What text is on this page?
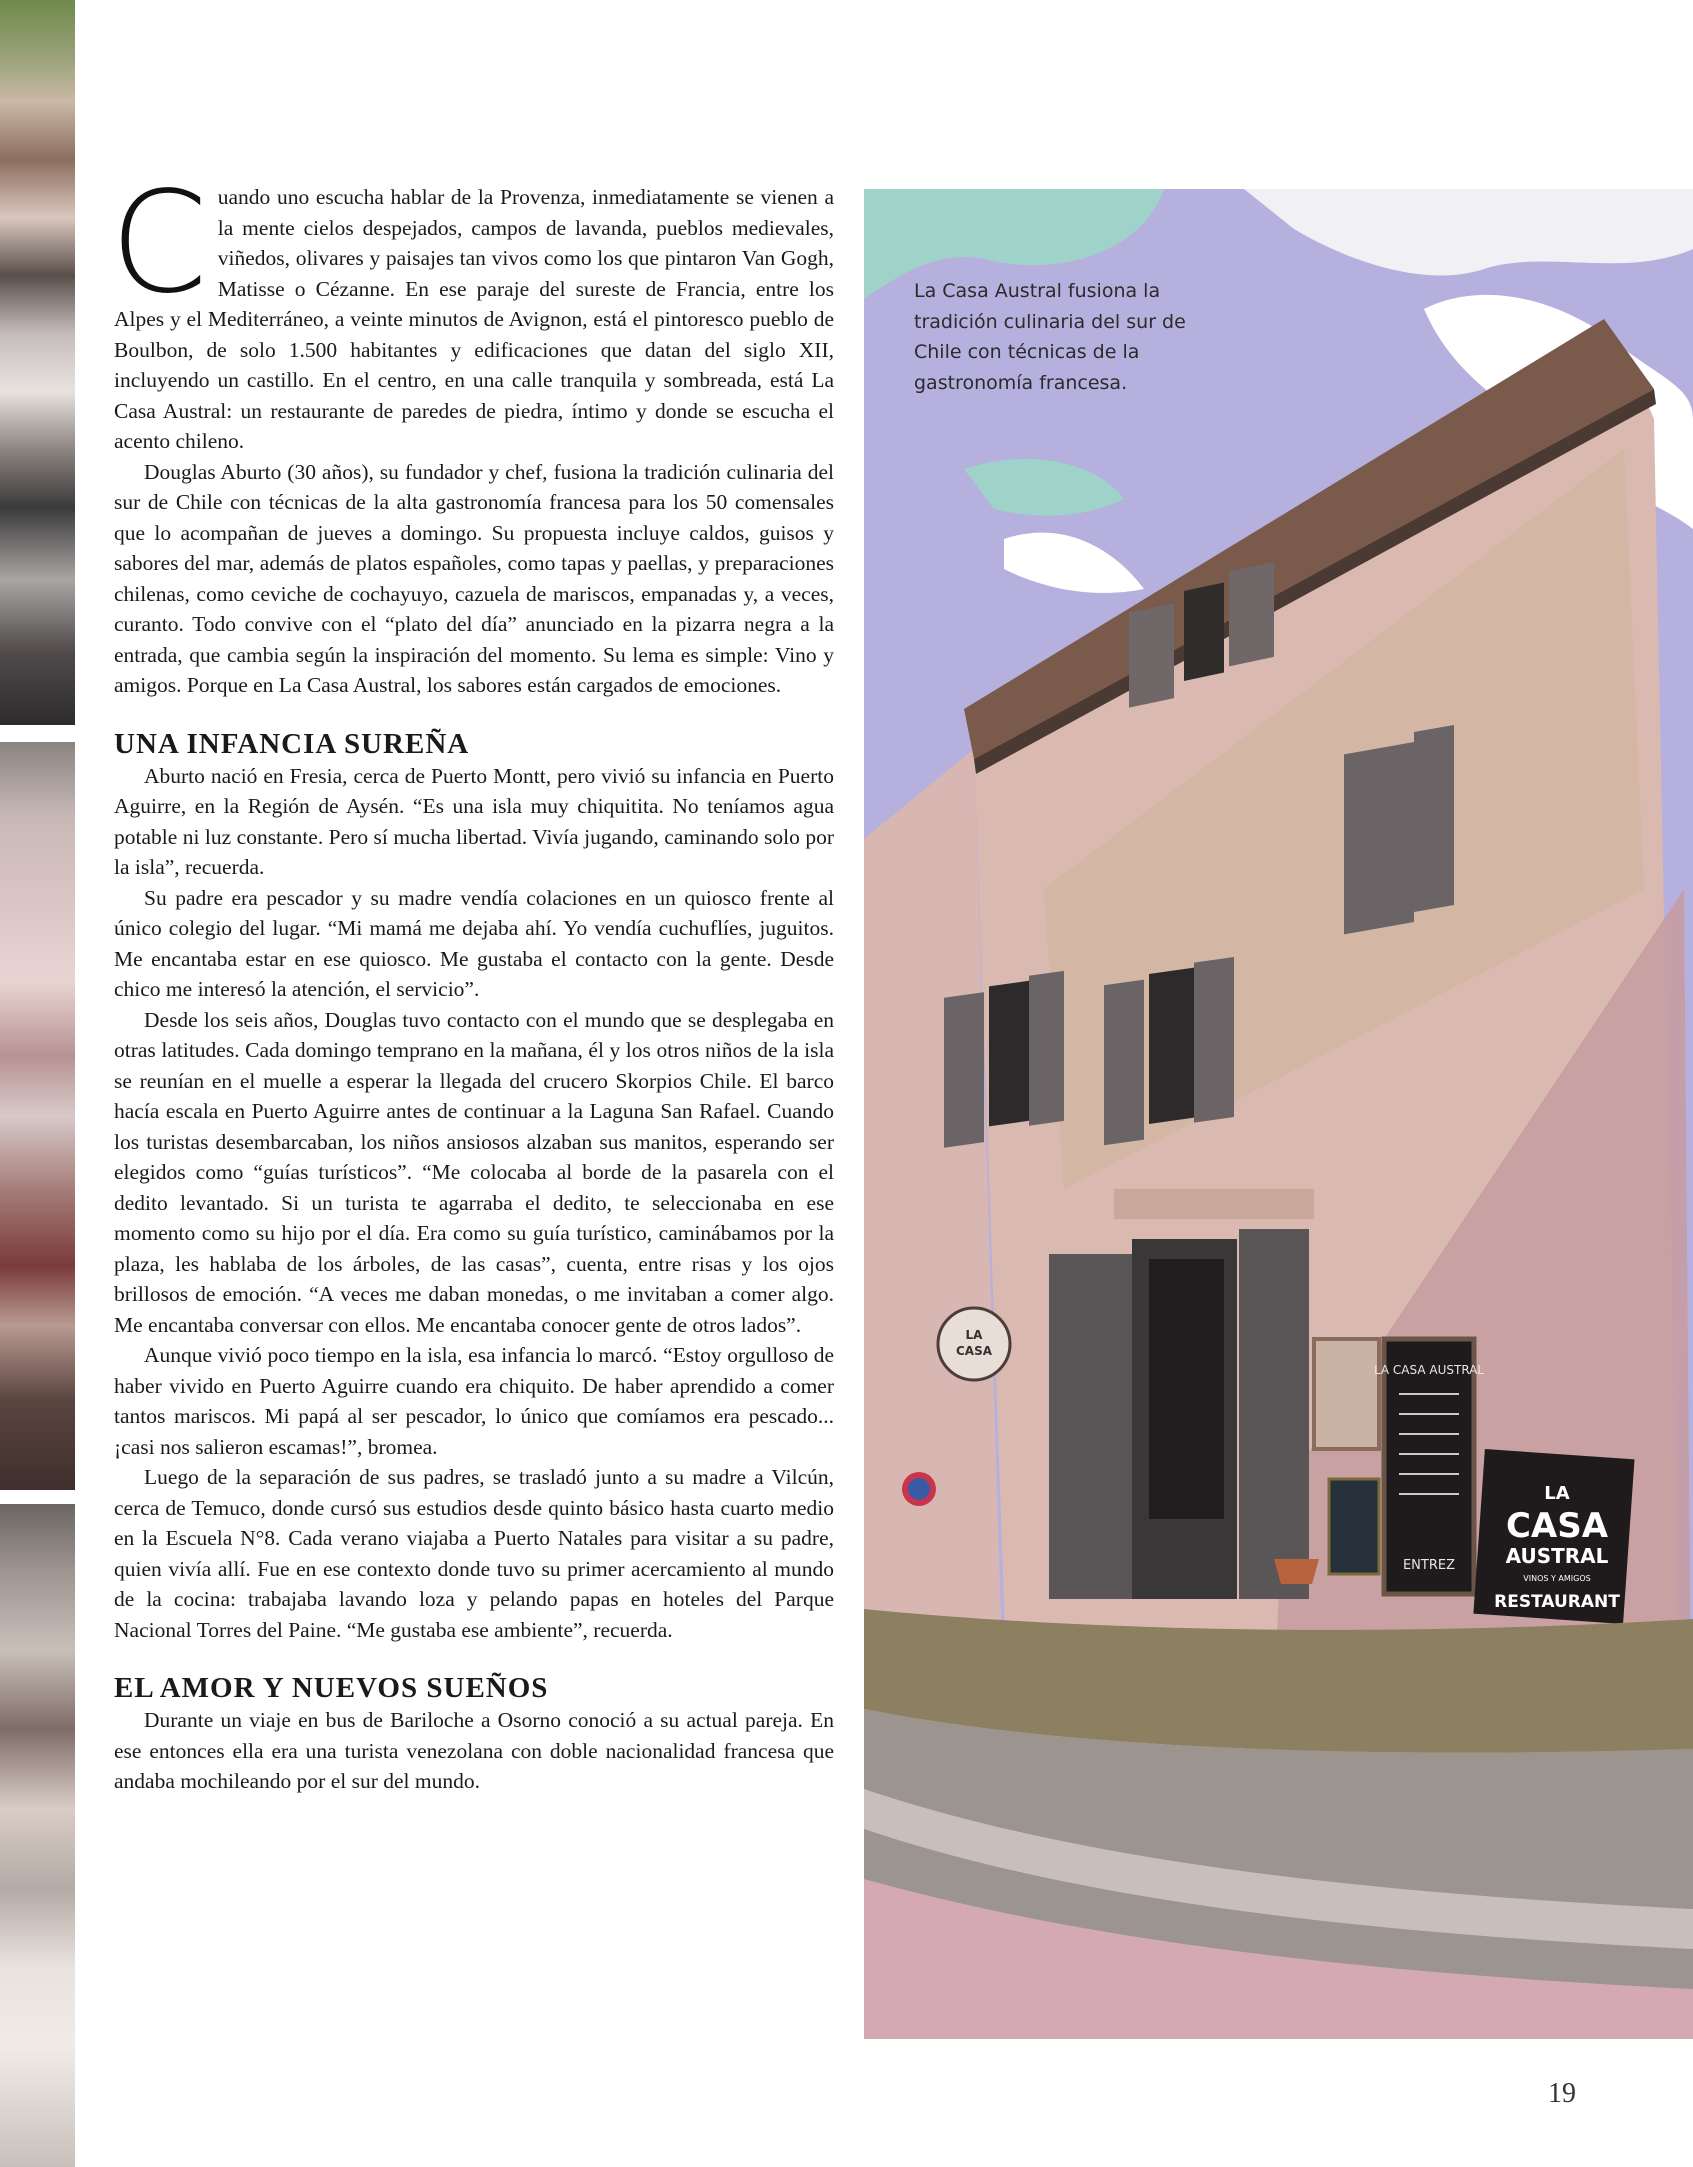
Cuando uno escucha hablar de la Provenza, inmediatamente se vienen a la mente cielos despejados, campos de lavanda, pueblos medievales, viñedos, olivares y paisajes tan vivos como los que pintaron Van Gogh, Matisse o Cézanne. En ese paraje del sureste de Francia, entre los Alpes y el Mediterráneo, a veinte minutos de Avignon, está el pintoresco pueblo de Boulbon, de solo 1.500 habitantes y edificaciones que datan del siglo XII, incluyendo un castillo. En el centro, en una calle tranquila y sombreada, está La Casa Austral: un restaurante de paredes de piedra, íntimo y donde se escucha el acento chileno.

Douglas Aburto (30 años), su fundador y chef, fusiona la tradición culinaria del sur de Chile con técnicas de la alta gastronomía francesa para los 50 comensales que lo acompañan de jueves a domingo. Su propuesta incluye caldos, guisos y sabores del mar, además de platos españoles, como tapas y paellas, y preparaciones chilenas, como ceviche de cochayuyo, cazuela de mariscos, empanadas y, a veces, curanto. Todo convive con el “plato del día” anunciado en la pizarra negra a la entrada, que cambia según la inspiración del momento. Su lema es simple: Vino y amigos. Porque en La Casa Austral, los sabores están cargados de emociones.

UNA INFANCIA SUREÑA

Aburto nació en Fresia, cerca de Puerto Montt, pero vivió su infancia en Puerto Aguirre, en la Región de Aysén. “Es una isla muy chiquitita. No teníamos agua potable ni luz constante. Pero sí mucha libertad. Vivía jugando, caminando solo por la isla”, recuerda.

Su padre era pescador y su madre vendía colaciones en un quiosco frente al único colegio del lugar. “Mi mamá me dejaba ahí. Yo vendía cuchuflíes, juguitos. Me encantaba estar en ese quiosco. Me gustaba el contacto con la gente. Desde chico me interesó la atención, el servicio”.

Desde los seis años, Douglas tuvo contacto con el mundo que se desplegaba en otras latitudes. Cada domingo temprano en la mañana, él y los otros niños de la isla se reunían en el muelle a esperar la llegada del crucero Skorpios Chile. El barco hacía escala en Puerto Aguirre antes de continuar a la Laguna San Rafael. Cuando los turistas desembarcaban, los niños ansiosos alzaban sus manitos, esperando ser elegidos como “guías turísticos”. “Me colocaba al borde de la pasarela con el dedito levantado. Si un turista te agarraba el dedito, te seleccionaba en ese momento como su hijo por el día. Era como su guía turístico, caminábamos por la plaza, les hablaba de los árboles, de las casas”, cuenta, entre risas y los ojos brillosos de emoción. “A veces me daban monedas, o me invitaban a comer algo. Me encantaba conversar con ellos. Me encantaba conocer gente de otros lados”.

Aunque vivió poco tiempo en la isla, esa infancia lo marcó. “Estoy orgulloso de haber vivido en Puerto Aguirre cuando era chiquito. De haber aprendido a comer tantos mariscos. Mi papá al ser pescador, lo único que comíamos era pescado... ¡casi nos salieron escamas!”, bromea.

Luego de la separación de sus padres, se trasladó junto a su madre a Vilcún, cerca de Temuco, donde cursó sus estudios desde quinto básico hasta cuarto medio en la Escuela N°8. Cada verano viajaba a Puerto Natales para visitar a su padre, quien vivía allí. Fue en ese contexto donde tuvo su primer acercamiento al mundo de la cocina: trabajaba lavando loza y pelando papas en hoteles del Parque Nacional Torres del Paine. “Me gustaba ese ambiente”, recuerda.

EL AMOR Y NUEVOS SUEÑOS

Durante un viaje en bus de Bariloche a Osorno conoció a su actual pareja. En ese entonces ella era una turista venezolana con doble nacionalidad francesa que andaba mochileando por el sur del mundo.

LA
CASA
LA CASA AUSTRAL
ENTREZ
LA
CASA
AUSTRAL
VINOS Y AMIGOS
RESTAURANT
La Casa Austral fusiona la tradición culinaria del sur de Chile con técnicas de la gastronomía francesa.
19
